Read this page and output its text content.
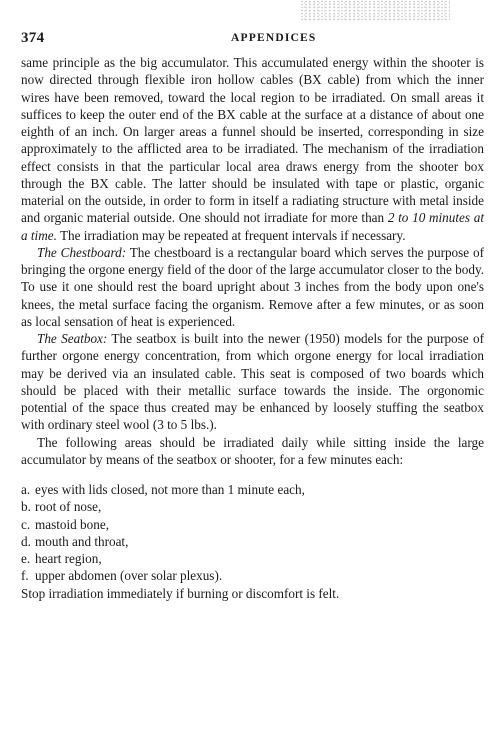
374	APPENDICES

same principle as the big accumulator. This accumulated energy within the shooter is now directed through flexible iron hollow cables (BX cable) from which the inner wires have been removed, toward the local region to be irradiated. On small areas it suffices to keep the outer end of the BX cable at the surface at a distance of about one eighth of an inch. On larger areas a funnel should be inserted, corresponding in size approximately to the afflicted area to be irradiated. The mechanism of the irradiation effect consists in that the particular local area draws energy from the shooter box through the BX cable. The latter should be insulated with tape or plastic, organic material on the outside, in order to form in itself a radiating structure with metal inside and organic material outside. One should not irradiate for more than 2 to 10 minutes at a time. The irradiation may be repeated at frequent intervals if necessary.

The Chestboard: The chestboard is a rectangular board which serves the purpose of bringing the orgone energy field of the door of the large accumulator closer to the body. To use it one should rest the board upright about 3 inches from the body upon one's knees, the metal surface facing the organism. Remove after a few minutes, or as soon as local sensation of heat is experienced.

The Seatbox: The seatbox is built into the newer (1950) models for the purpose of further orgone energy concentration, from which orgone energy for local irradiation may be derived via an insulated cable. This seat is composed of two boards which should be placed with their metallic surface towards the inside. The orgonomic potential of the space thus created may be enhanced by loosely stuffing the seatbox with ordinary steel wool (3 to 5 lbs.).

The following areas should be irradiated daily while sitting inside the large accumulator by means of the seatbox or shooter, for a few minutes each:

a. eyes with lids closed, not more than 1 minute each,
b. root of nose,
c. mastoid bone,
d. mouth and throat,
e. heart region,
f. upper abdomen (over solar plexus).

Stop irradiation immediately if burning or discomfort is felt.
